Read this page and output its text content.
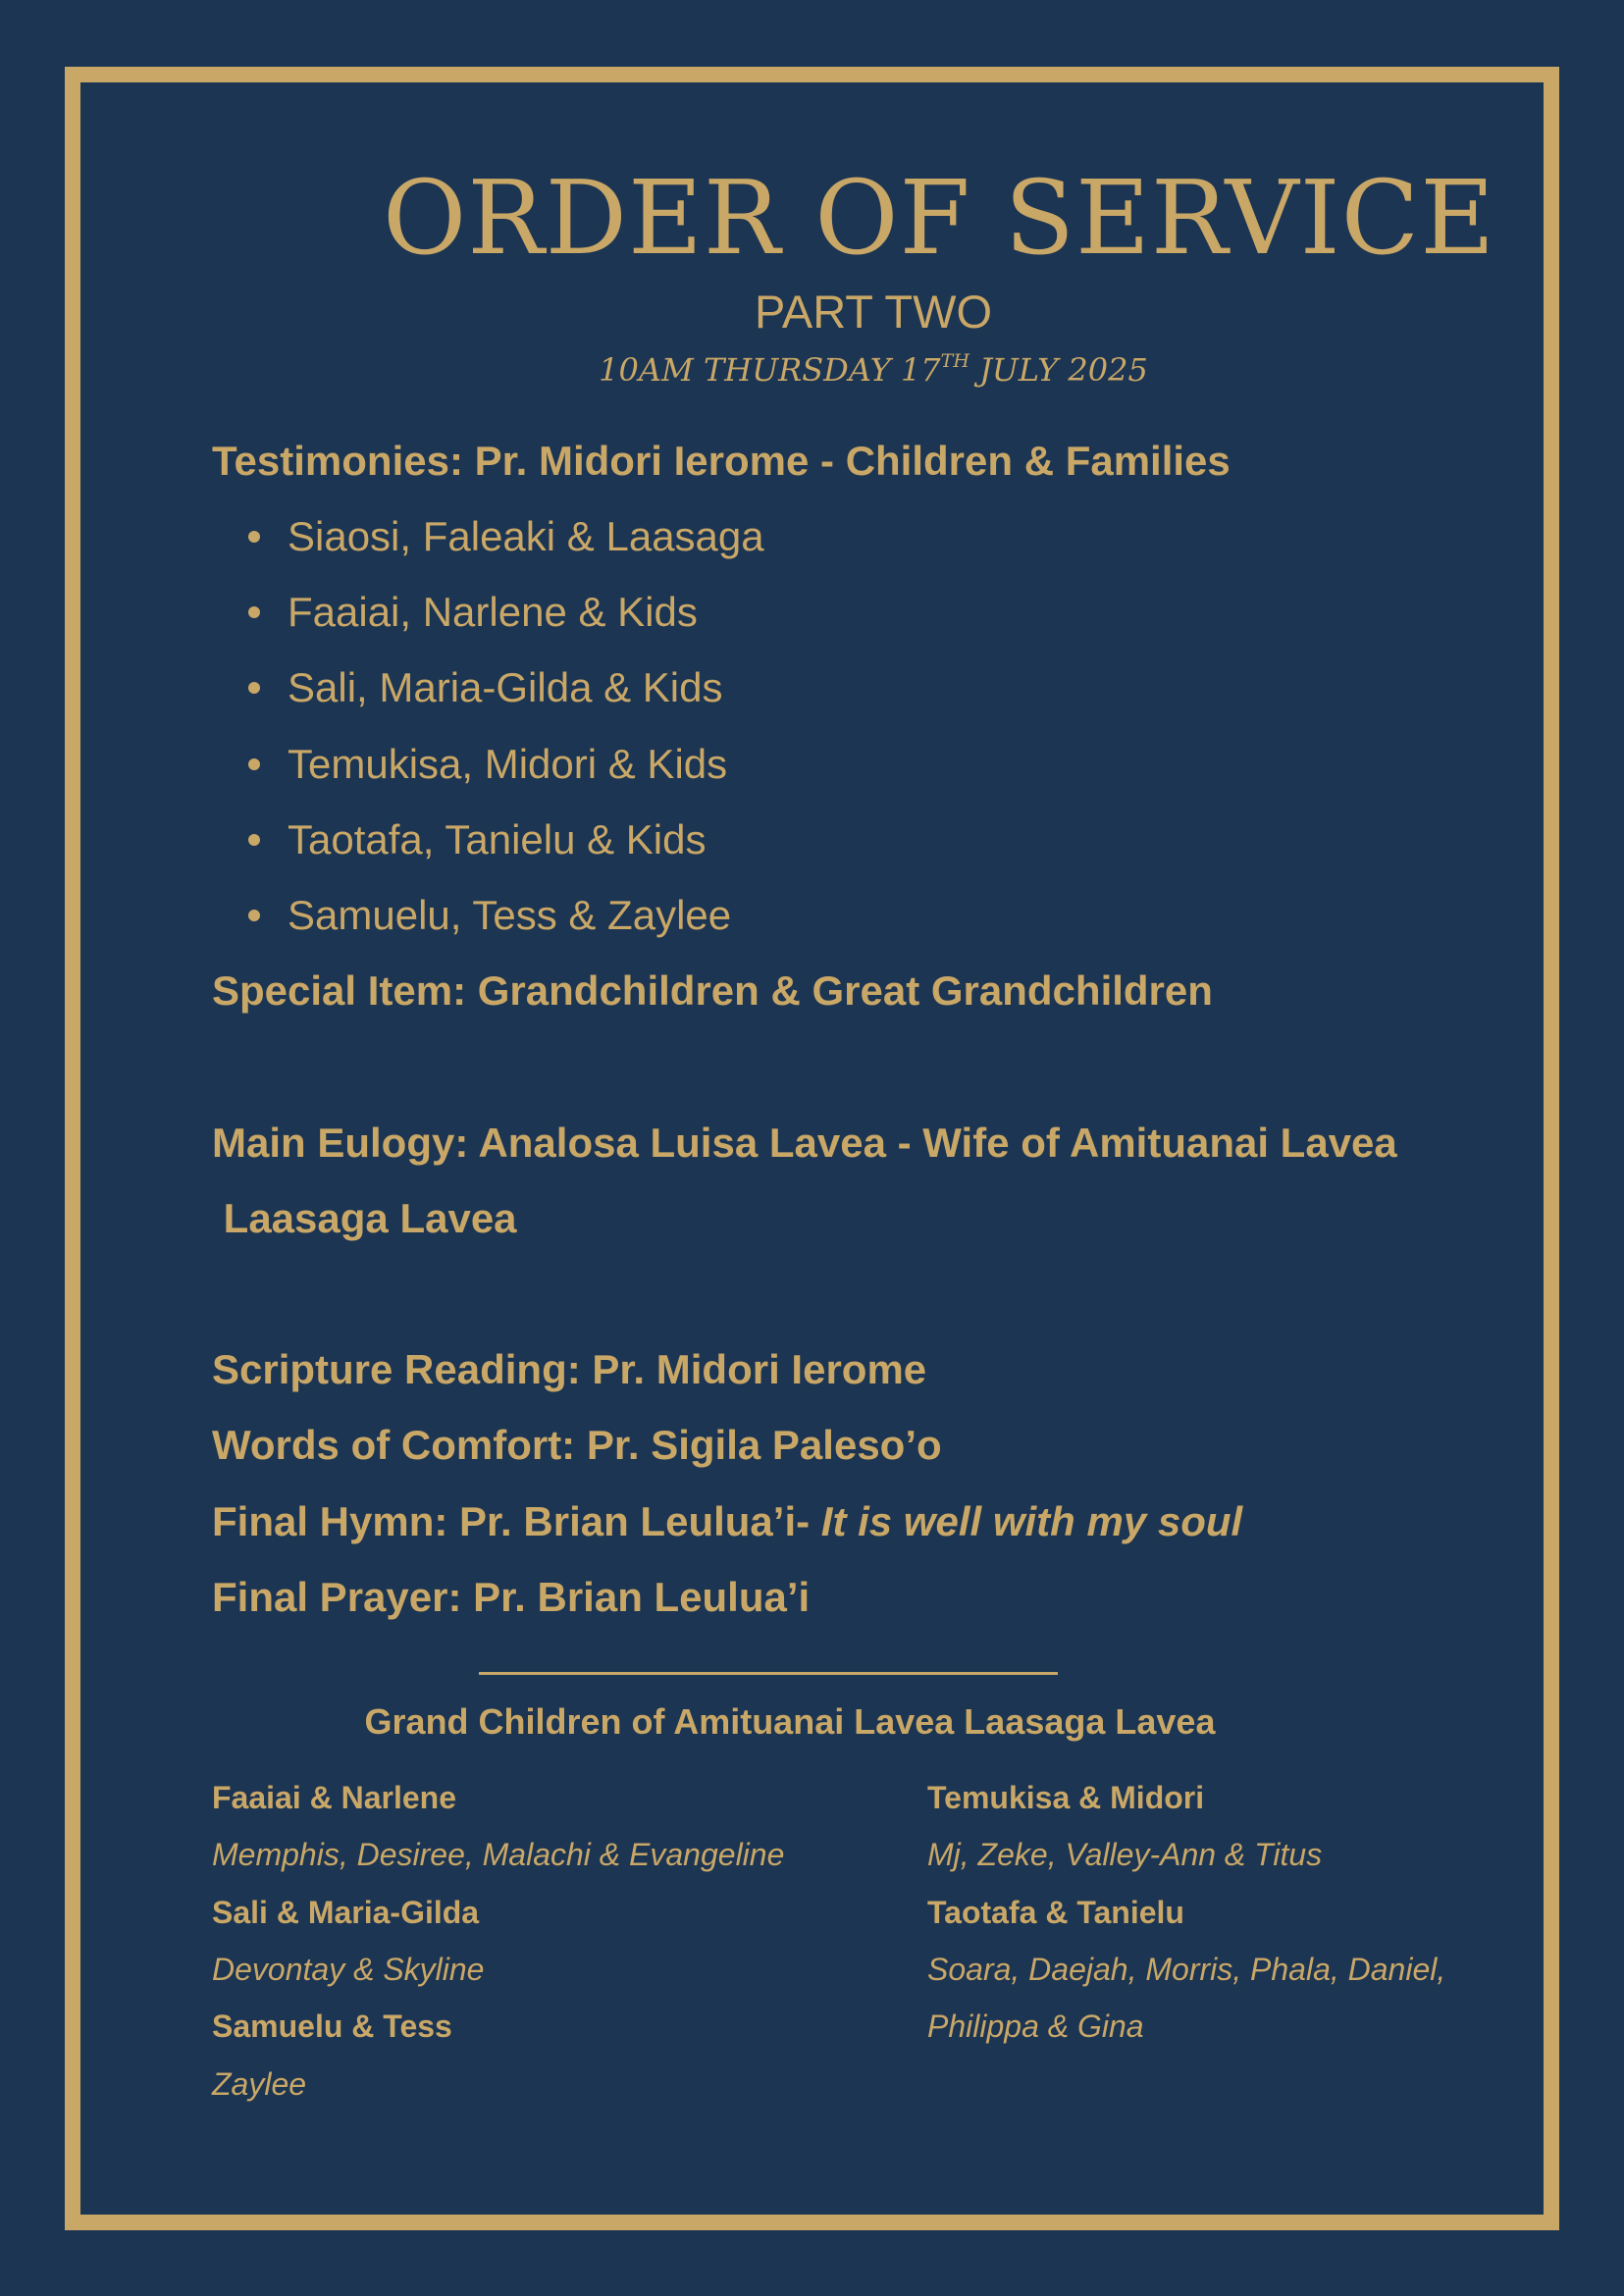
ORDER OF SERVICE
PART TWO

10AM THURSDAY 17TH JULY 2025

Testimonies: Pr. Midori Ierome - Children & Families

Siaosi, Faleaki & Laasaga

Faaiai, Narlene & Kids

Sali, Maria-Gilda & Kids

Temukisa, Midori & Kids

Taotafa, Tanielu & Kids

Samuelu, Tess & Zaylee

Special Item: Grandchildren & Great Grandchildren

Main Eulogy: Analosa Luisa Lavea - Wife of Amituanai Lavea

Laasaga Lavea

Scripture Reading: Pr. Midori Ierome

Words of Comfort: Pr. Sigila Paleso’o

Final Hymn: Pr. Brian Leulua’i- It is well with my soul

Final Prayer: Pr. Brian Leulua’i

Grand Children of Amituanai Lavea Laasaga Lavea

Faaiai & Narlene

Memphis, Desiree, Malachi & Evangeline

Sali & Maria-Gilda

Devontay & Skyline

Samuelu & Tess

Zaylee

Temukisa & Midori

Mj, Zeke, Valley-Ann & Titus

Taotafa & Tanielu

Soara, Daejah, Morris, Phala, Daniel,

Philippa & Gina
